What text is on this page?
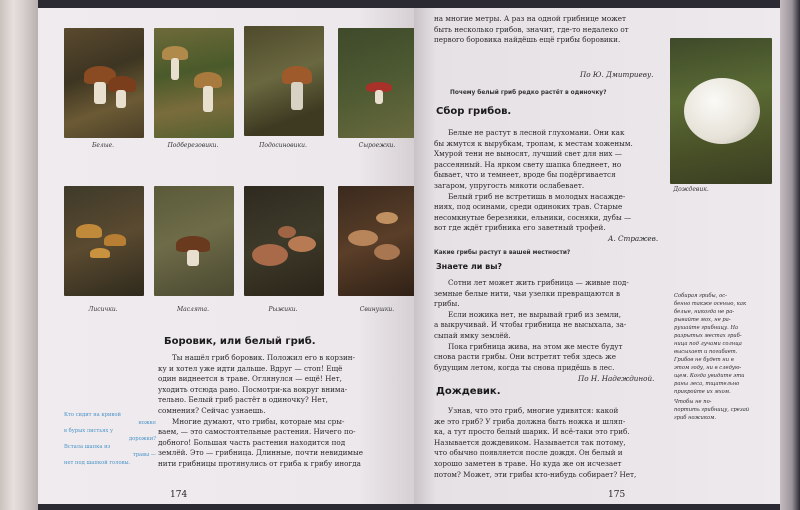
Белые.	Подберезовики.	Подосиновики.	Сыроежки.
Лисички.	Маслята.	Рыжики.	Свинушки.
Боровик, или белый гриб.
Ты нашёл гриб боровик. Положил его в корзин-
ку и хотел уже идти дальше. Вдруг — стоп! Ещё
один виднеется в траве. Оглянулся — ещё! Нет,
уходить отсюда рано. Посмотри-ка вокруг внима-
тельно. Белый гриб растёт в одиночку? Нет,
сомнения? Сейчас узнаешь.
Многие думают, что грибы, которые мы сры-
ваем, — это самостоятельные растения. Ничего по-
добного! Большая часть растения находится под
землёй. Это — грибница. Длинные, почти невидимые
нити грибницы протянулись от гриба к грибу иногда
Кто сидит на кривой
ножке
в бурых листьях у
дорожки?
Встала шапка из
травы —
нет под шапкой головы.
174
на многие метры. А раз на одной грибнице может
быть несколько грибов, значит, где-то недалеко от
первого боровика найдёшь ещё грибы боровики.
По Ю. Дмитриеву.
Почему белый гриб редко растёт в одиночку?
Сбор грибов.
Белые не растут в лесной глухомани. Они как
бы жмутся к вырубкам, тропам, к местам хоженым.
Хмурой тени не выносят, лучший свет для них —
рассеянный. На ярком свету шапка бледнеет, но
бывает, что и темнеет, вроде бы подёргивается
загаром, упругость мякоти ослабевает.
Белый гриб не встретишь в молодых насажде-
ниях, под осинами, среди одиноких трав. Старые
несомкнутые березняки, ельники, сосняки, дубы —
вот где ждёт грибника его заветный трофей.
А. Стражев.
Какие грибы растут в вашей местности?
Знаете ли вы?
Сотни лет может жить грибница — живые под-
земные белые нити, чьи узелки превращаются в
грибы.
Если ножика нет, не вырывай гриб из земли,
а выкручивай. И чтобы грибница не высыхала, за-
сыпай ямку землёй.
Пока грибница жива, на этом же месте будут
снова расти грибы. Они встретят тебя здесь же
будущим летом, когда ты снова придёшь в лес.
По Н. Надеждиной.
Дождевик.
Узнав, что это гриб, многие удивятся: какой
же это гриб? У гриба должна быть ножка и шляп-
ка, а тут просто белый шарик. И всё-таки это гриб.
Называется дождевиком. Называется так потому,
что обычно появляется после дождя. Он белый и
хорошо заметен в траве. Но куда же он исчезает
потом? Может, эти грибы кто-нибудь собирает? Нет,
Дождевик.
Собирая грибы, ос-
бенно также осенью, как
белые, никогда не ра-
рывайте мох, не ра-
рушайте грибницу. На
разрытых местах гриб-
ница под лучами солнца
высыхает и погибает.
Грибов не будет ни в
этом году, ни в следую-
щем. Когда увидите эти
раны леса, тщательно
прикройте их мхом.
Чтобы не по-
портить грибницу, срезай
гриб ножиком.
175
